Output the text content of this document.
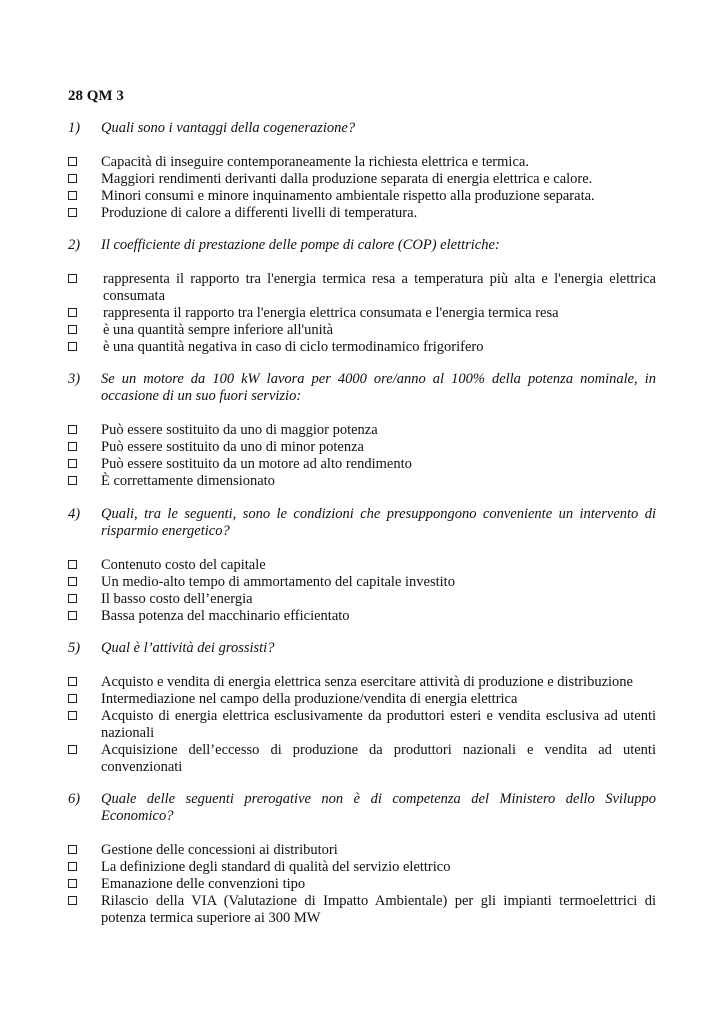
28 QM 3
1) Quali sono i vantaggi della cogenerazione?
Capacità di inseguire contemporaneamente la richiesta elettrica e termica.
Maggiori rendimenti derivanti dalla produzione separata di energia elettrica e calore.
Minori consumi e minore inquinamento ambientale rispetto alla produzione separata.
Produzione di calore a differenti livelli di temperatura.
2) Il coefficiente di prestazione delle pompe di calore (COP) elettriche:
rappresenta il rapporto tra l'energia termica resa a temperatura più alta e l'energia elettrica consumata
rappresenta il rapporto tra l'energia elettrica consumata e l'energia termica resa
è una quantità sempre inferiore all'unità
è una quantità negativa in caso di ciclo termodinamico frigorifero
3) Se un motore da 100 kW lavora per 4000 ore/anno al 100% della potenza nominale, in occasione di un suo fuori servizio:
Può essere sostituito da uno di maggior potenza
Può essere sostituito da uno di minor potenza
Può essere sostituito da un motore ad alto rendimento
È correttamente dimensionato
4) Quali, tra le seguenti, sono le condizioni che presuppongono conveniente un intervento di risparmio energetico?
Contenuto costo del capitale
Un medio-alto tempo di ammortamento del capitale investito
Il basso costo dell’energia
Bassa potenza del macchinario efficientato
5) Qual è l’attività dei grossisti?
Acquisto e vendita di energia elettrica senza esercitare attività di produzione e distribuzione
Intermediazione nel campo della produzione/vendita di energia elettrica
Acquisto di energia elettrica esclusivamente da produttori esteri e vendita esclusiva ad utenti nazionali
Acquisizione dell’eccesso di produzione da produttori nazionali e vendita ad utenti convenzionati
6) Quale delle seguenti prerogative non è di competenza del Ministero dello Sviluppo Economico?
Gestione delle concessioni ai distributori
La definizione degli standard di qualità del servizio elettrico
Emanazione delle convenzioni tipo
Rilascio della VIA (Valutazione di Impatto Ambientale) per gli impianti termoelettrici di potenza termica superiore ai 300 MW
